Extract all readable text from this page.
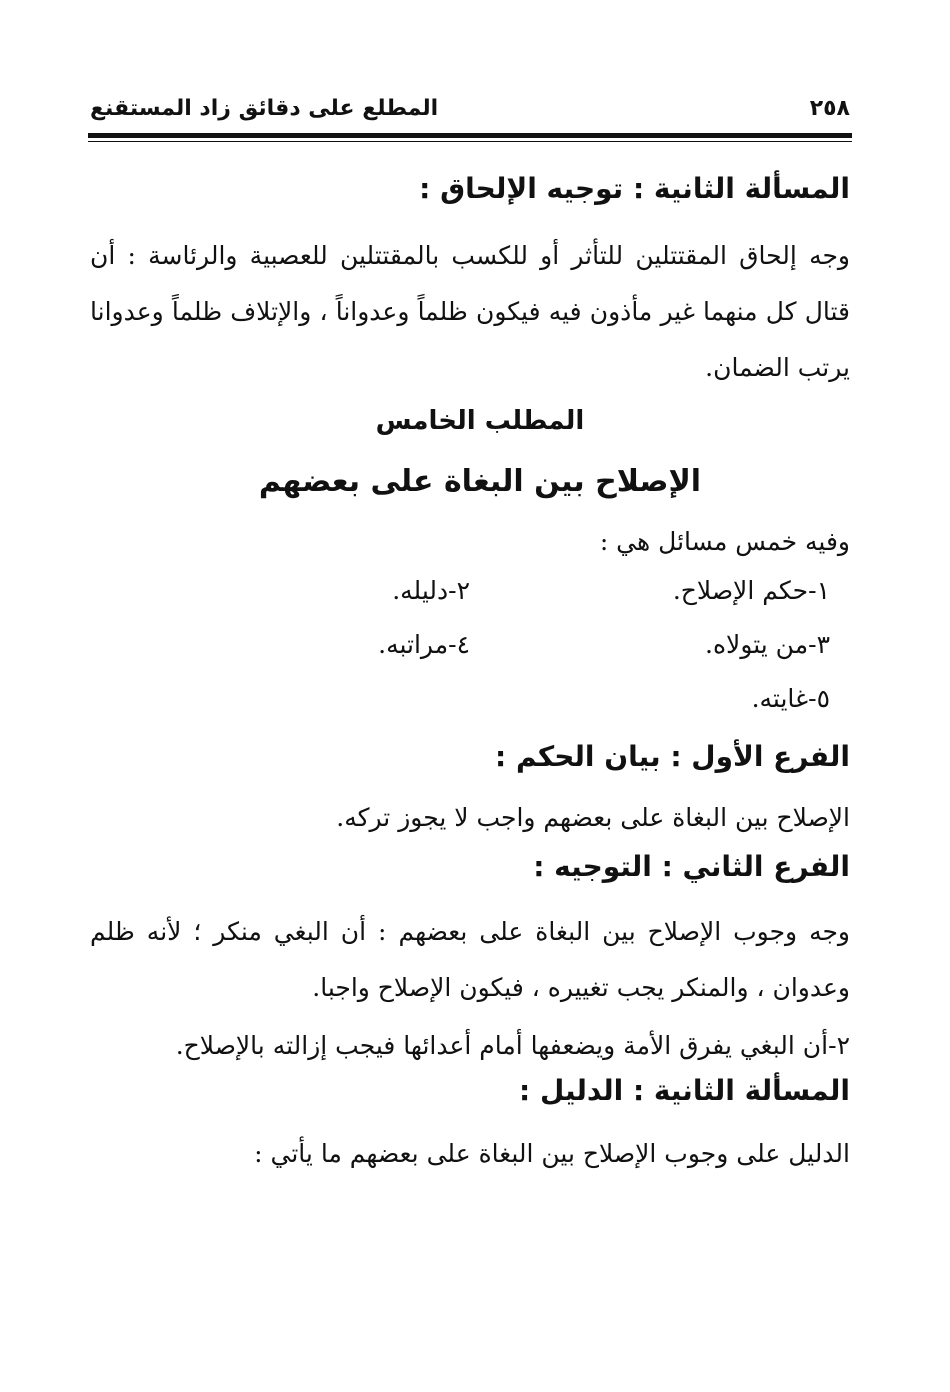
٢٥٨
المطلع على دقائق زاد المستقنع
المسألة الثانية : توجيه الإلحاق :
وجه إلحاق المقتتلين للتأثر أو للكسب بالمقتتلين للعصبية والرئاسة : أن قتال كل منهما غير مأذون فيه فيكون ظلماً وعدواناً ، والإتلاف ظلماً وعدوانا يرتب الضمان.
المطلب الخامس
الإصلاح بين البغاة على بعضهم
وفيه خمس مسائل هي :
١-حكم الإصلاح.
٢-دليله.
٣-من يتولاه.
٤-مراتبه.
٥-غايته.
الفرع الأول : بيان الحكم :
الإصلاح بين البغاة على بعضهم واجب لا يجوز تركه.
الفرع الثاني : التوجيه :
وجه وجوب الإصلاح بين البغاة على بعضهم : أن البغي منكر ؛ لأنه ظلم وعدوان ، والمنكر يجب تغييره ، فيكون الإصلاح واجبا.
٢-أن البغي يفرق الأمة ويضعفها أمام أعدائها فيجب إزالته بالإصلاح.
المسألة الثانية : الدليل :
الدليل على وجوب الإصلاح بين البغاة على بعضهم ما يأتي :
